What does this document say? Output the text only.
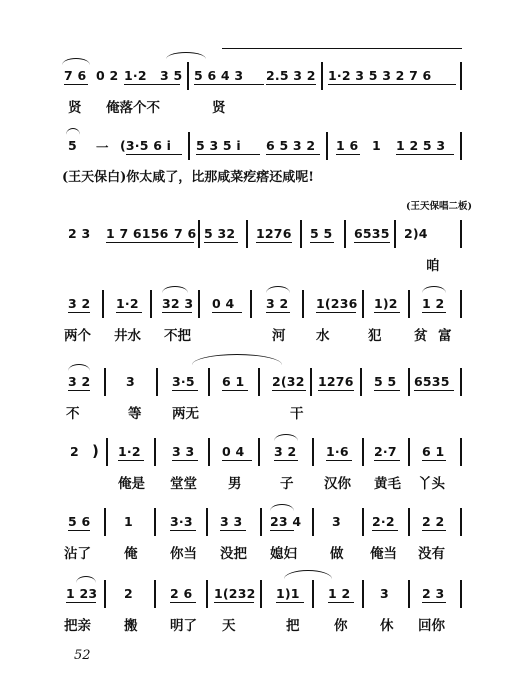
7 6 0 2 1·2 3 5 5 6 4 3 2.5 3 2 1·2 3 5 3 2 7 6
贤 俺落个不	贤
5 一 (3·5 6 i 5 3 5 i 6 5 3 2 1 6 1 1 2 5 3
(王天保白)你太咸了，比那咸菜疙瘩还咸呢!
(王天保唱二板)
2 3 1 7 6156 7 6 5 32 1276 5 5 6535 2)4
咱
3 2 1·2 32 3 0 4	3 2 1(236 1)2 1 2
两个 井水 不把	河 水	犯 贫 富
3 2	3	3·5 6 1 2(32 1276 5 5 6535
不	等 两无	干
2 ) 1·2	3 3 0 4 3 2 1·6 2·7 6 1
俺是 堂堂 男	子 汉你 黄毛 丫头
5 6	1	3·3 3 3 23 4 3 2·2 2 2
沾了 俺 你当 没把 媳妇 做 俺当 没有
1 23 2	2 6 1(232 1)1 1 2 3	2 3
把亲 搬 明了 天	把	你 休 回你
52
